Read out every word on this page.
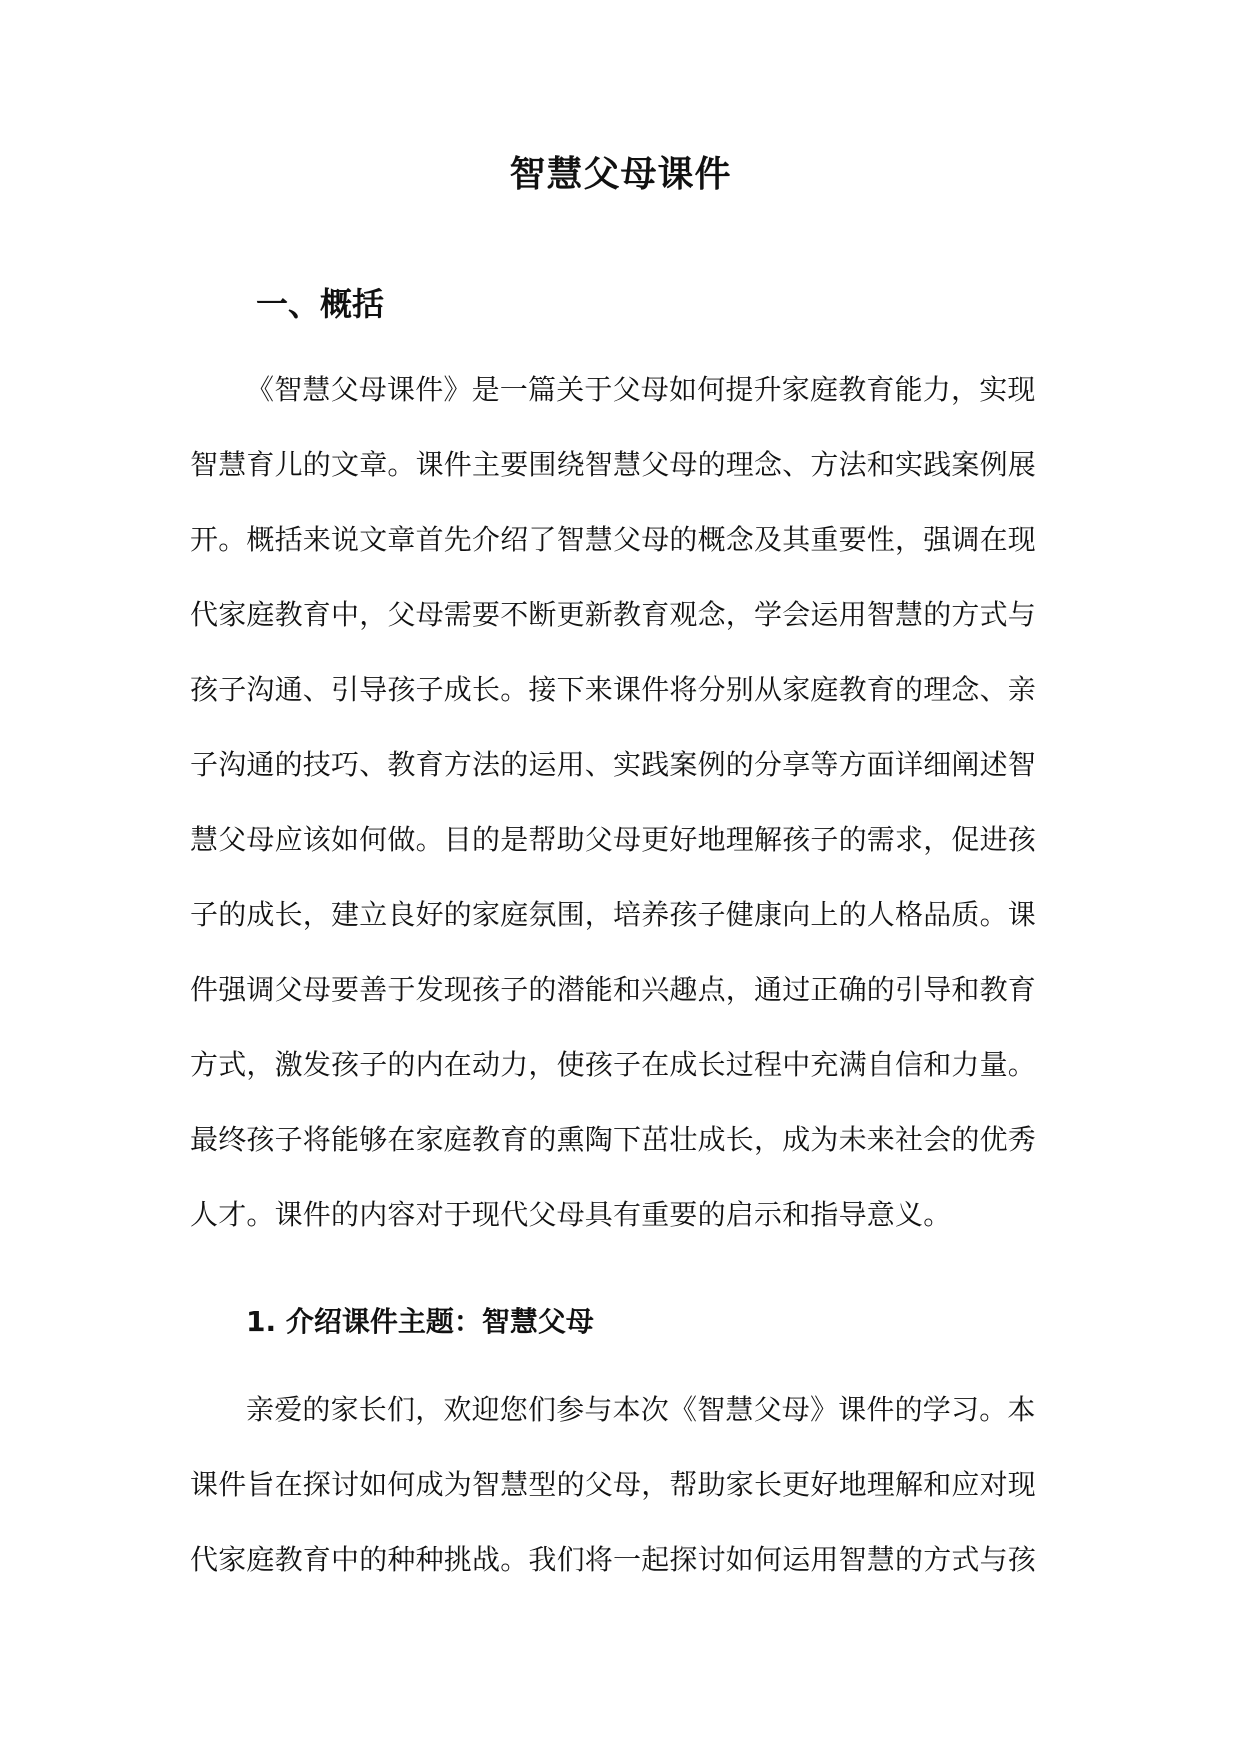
智慧父母课件
一、概括
《智慧父母课件》是一篇关于父母如何提升家庭教育能力，实现
智慧育儿的文章。课件主要围绕智慧父母的理念、方法和实践案例展
开。概括来说文章首先介绍了智慧父母的概念及其重要性，强调在现
代家庭教育中，父母需要不断更新教育观念，学会运用智慧的方式与
孩子沟通、引导孩子成长。接下来课件将分别从家庭教育的理念、亲
子沟通的技巧、教育方法的运用、实践案例的分享等方面详细阐述智
慧父母应该如何做。目的是帮助父母更好地理解孩子的需求，促进孩
子的成长，建立良好的家庭氛围，培养孩子健康向上的人格品质。课
件强调父母要善于发现孩子的潜能和兴趣点，通过正确的引导和教育
方式，激发孩子的内在动力，使孩子在成长过程中充满自信和力量。
最终孩子将能够在家庭教育的熏陶下茁壮成长，成为未来社会的优秀
人才。课件的内容对于现代父母具有重要的启示和指导意义。
1. 介绍课件主题：智慧父母
亲爱的家长们，欢迎您们参与本次《智慧父母》课件的学习。本
课件旨在探讨如何成为智慧型的父母，帮助家长更好地理解和应对现
代家庭教育中的种种挑战。我们将一起探讨如何运用智慧的方式与孩
